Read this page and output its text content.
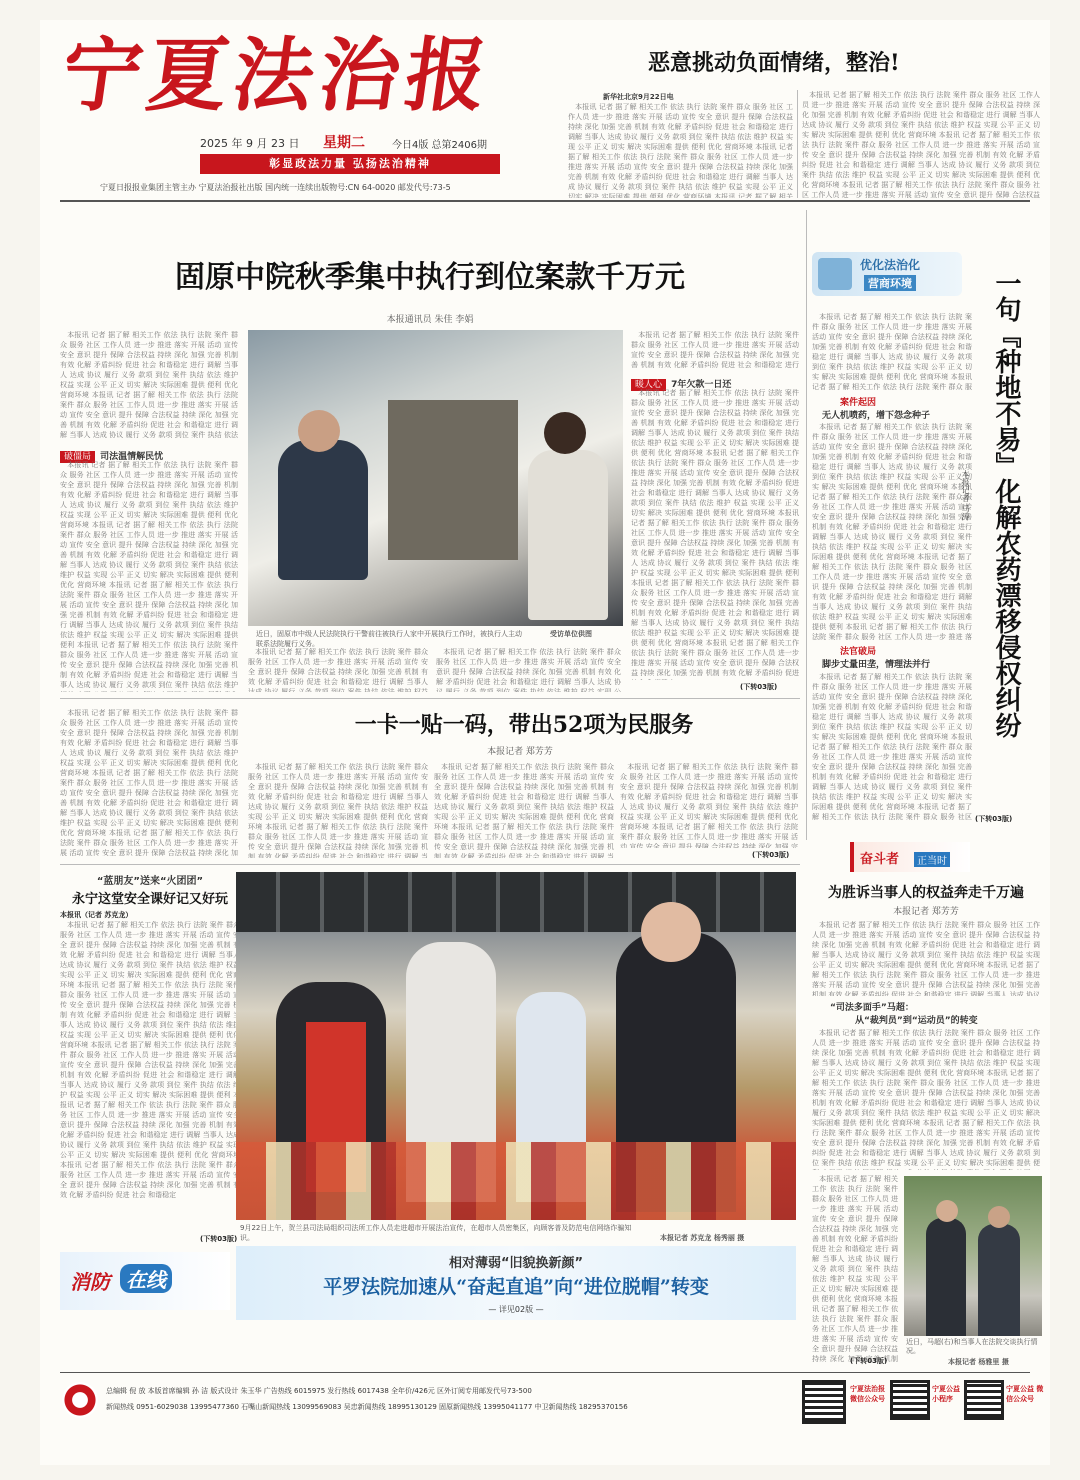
宁夏法治报
2025 年 9 月 23 日 星期二	今日4版 总第2406期
彰显政法力量 弘扬法治精神
宁夏日报报业集团主管主办 宁夏法治报社出版 国内统一连续出版物号:CN 64-0020 邮发代号:73-5
恶意挑动负面情绪，整治!
新华社北京9月22日电
　本报讯 记者 据了解 相关工作 依法 执行 法院 案件 群众 服务 社区 工作人员 进一步 推进 落实 开展 活动 宣传 安全 意识 提升 保障 合法权益 持续 深化 加强 完善 机制 有效 化解 矛盾纠纷 促进 社会 和谐稳定 进行 调解 当事人 达成 协议 履行 义务 款项 到位 案件 执结 依法 维护 权益 实现 公平 正义 切实 解决 实际困难 提供 便利 优化 营商环境 本报讯 记者 据了解 相关工作 依法 执行 法院 案件 群众 服务 社区 工作人员 进一步 推进 落实 开展 活动 宣传 安全 意识 提升 保障 合法权益 持续 深化 加强 完善 机制 有效 化解 矛盾纠纷 促进 社会 和谐稳定 进行 调解 当事人 达成 协议 履行 义务 款项 到位 案件 执结 依法 维护 权益 实现 公平 正义 切实 解决 实际困难 提供 便利 优化 营商环境 本报讯 记者 据了解 相关工作 依法 执行 法院 案件 群众 服务 社区 工作人员 进一步 推进 落实 开展 活动 宣传 安全 意识 提升 保障 合法权益 持续 深化 加强 完善 机制 有效 化解 矛盾纠纷 促进 社会 和谐稳定 进行 调解 当事人 达成 协议 履行 义务 款项 到位 案件 执结 依法 维护 权益 实现 公平 正义 切实 解决 实际困难 提供 便利 本报讯 记者 据了解 相关工作 依法 执行 法院 案件 群众 服务 社区 工作人员 进一步 推进 落实 开展 活动 宣传 安全 意识 提升 保障 合法权益 持续 深化 加强 完善 机制 有效 化解 矛盾纠纷 促进 社会 和谐稳定 进行 调解 当事人 达成 协议 履行 义务 款项 到位 案件 执结 依法 维护 权益 实现 公平 正义 切实 解决 实际困难 提供 便利 优化 营商环境 本报讯 记者 据了解 相关工作 依法 执行 法院 案件 群众 服务 社区 工作人员 进一步 推进 落实 开展 活动 宣传 安全 意识 提升 保障 合法权益 持续 深化 加强 完善 机制 有效 化解 矛盾纠纷 促进 社会 和谐稳定
　本报讯 记者 据了解 相关工作 依法 执行 法院 案件 群众 服务 社区 工作人员 进一步 推进 落实 开展 活动 宣传 安全 意识 提升 保障 合法权益 持续 深化 加强 完善 机制 有效 化解 矛盾纠纷 促进 社会 和谐稳定 进行 调解 当事人 达成 协议 履行 义务 款项 到位 案件 执结 依法 维护 权益 实现 公平 正义 切实 解决 实际困难 提供 便利 优化 营商环境 本报讯 记者 据了解 相关工作 依法 执行 法院 案件 群众 服务 社区 工作人员 进一步 推进 落实 开展 活动 宣传 安全 意识 提升 保障 合法权益 持续 深化 加强 完善 机制 有效 化解 矛盾纠纷 促进 社会 和谐稳定 进行 调解 当事人 达成 协议 履行 义务 款项 到位 案件 执结 依法 维护 权益 实现 公平 正义 切实 解决 实际困难 提供 便利 优化 营商环境 本报讯 记者 据了解 相关工作 依法 执行 法院 案件 群众 服务 社区 工作人员 进一步 推进 落实 开展 活动 宣传 安全 意识 提升 保障 合法权益 持续 深化 加强 完善 机制 有效 化解 矛盾纠纷 促进 社会 和谐稳定 进行 调解 当事人 达成 协议 履行 义务 款项 到位 案件 执结 依法 维护 权益 实现 公平 正义 切实 解决 实际困难 提供 便利 本报讯 记者 据了解 相关工作 依法 执行 法院 案件 群众 服务 社区 工作人员 进一步 推进 落实 开展 活动 宣传 安全 意识 提升 保障 合法权益 持续 深化 加强 完善 机制 有效 化解 矛盾纠纷 促进 社会 和谐稳定 进行 调解 当事人 达成 协议 履行 义务 款项 到位 案件 执结 依法 维护 权益 实现 公平 正义 切实 解决 实际困难 提供 便利 优化 营商环境 本报讯 记者 据了解 相关工作 依法 执行 法院 案件 群众 服务 社区 工作人员 进一步 推进 落实 开展 活动 宣传 安全 意识 提升 保障 合法权益 持续 深化 加强 完善 机制 有效 化解 矛盾纠纷 促进 社会 和谐稳定
固原中院秋季集中执行到位案款千万元
本报通讯员 朱佳 李娟
　本报讯 记者 据了解 相关工作 依法 执行 法院 案件 群众 服务 社区 工作人员 进一步 推进 落实 开展 活动 宣传 安全 意识 提升 保障 合法权益 持续 深化 加强 完善 机制 有效 化解 矛盾纠纷 促进 社会 和谐稳定 进行 调解 当事人 达成 协议 履行 义务 款项 到位 案件 执结 依法 维护 权益 实现 公平 正义 切实 解决 实际困难 提供 便利 优化 营商环境 本报讯 记者 据了解 相关工作 依法 执行 法院 案件 群众 服务 社区 工作人员 进一步 推进 落实 开展 活动 宣传 安全 意识 提升 保障 合法权益 持续 深化 加强 完善 机制 有效 化解 矛盾纠纷 促进 社会 和谐稳定 进行 调解 当事人 达成 协议 履行 义务 款项 到位 案件 执结 依法 维护 权益 实现 公平 正义 切实 解决 实际困难 提供 便利 优化 营商环境 本报讯 记者 据了解 相关工作 依法 执行 法院 案件 群众 服务 社区 工作人员 进一步 推进 落实 开展 活动 宣传 安全 意识 提升 保障 合法权益 持续 深化 加强 完善 机制 有效 化解 矛盾纠纷 促进 社会 和谐稳定 进行 调解 当事人 达成 协议 履行 义务 款项 到位 案件 执结 依法 维护 权益 实现 公平 正义 切实 解决 实际困难 提供 便利 本报讯 记者 据了解 相关工作 依法 执行 法院 案件 群众 服务 社区 工作人员 进一步 推进 落实 开展 活动 宣传 安全 意识 提升 保障 合法权益 持续 深化 加强 完善 机制 有效 化解 矛盾纠纷 促进 社会 和谐稳定 进行 调解 当事人 达成 协议 履行 义务 款项 到位 案件 执结 依法 维护 权益 实现 公平 正义 切实 解决 实际困难 提供 便利 优化 营商环境 本报讯 记者 据了解 相关工作 依法 执行 法院 案件 群众 服务 社区 工作人员 进一步 推进 落实 开展 活动 宣传 安全 意识 提升 保障 合法权益 持续 深化 加强 完善 机制 有效 化解 矛盾纠纷 促进 社会 和谐稳定
破僵局 司法温情解民忧
　本报讯 记者 据了解 相关工作 依法 执行 法院 案件 群众 服务 社区 工作人员 进一步 推进 落实 开展 活动 宣传 安全 意识 提升 保障 合法权益 持续 深化 加强 完善 机制 有效 化解 矛盾纠纷 促进 社会 和谐稳定 进行 调解 当事人 达成 协议 履行 义务 款项 到位 案件 执结 依法 维护 权益 实现 公平 正义 切实 解决 实际困难 提供 便利 优化 营商环境 本报讯 记者 据了解 相关工作 依法 执行 法院 案件 群众 服务 社区 工作人员 进一步 推进 落实 开展 活动 宣传 安全 意识 提升 保障 合法权益 持续 深化 加强 完善 机制 有效 化解 矛盾纠纷 促进 社会 和谐稳定 进行 调解 当事人 达成 协议 履行 义务 款项 到位 案件 执结 依法 维护 权益 实现 公平 正义 切实 解决 实际困难 提供 便利 优化 营商环境 本报讯 记者 据了解 相关工作 依法 执行 法院 案件 群众 服务 社区 工作人员 进一步 推进 落实 开展 活动 宣传 安全 意识 提升 保障 合法权益 持续 深化 加强 完善 机制 有效 化解 矛盾纠纷 促进 社会 和谐稳定 进行 调解 当事人 达成 协议 履行 义务 款项 到位 案件 执结 依法 维护 权益 实现 公平 正义 切实 解决 实际困难 提供 便利 本报讯 记者 据了解 相关工作 依法 执行 法院 案件 群众 服务 社区 工作人员 进一步 推进 落实 开展 活动 宣传 安全 意识 提升 保障 合法权益 持续 深化 加强 完善 机制 有效 化解 矛盾纠纷 促进 社会 和谐稳定 进行 调解 当事人 达成 协议 履行 义务 款项 到位 案件 执结 依法 维护 权益 实现 公平 正义 切实 解决 实际困难 提供 便利 优化 营商环境 本报讯 记者 据了解 相关工作 依法 执行 法院 案件 群众 服务 社区 工作人员 进一步 推进 落实 开展 活动 宣传 安全 意识 提升 保障 合法权益 持续 深化 加强 完善 机制 有效 化解 矛盾纠纷 促进 社会 和谐稳定
近日，固原市中级人民法院执行干警前往被执行人家中开展执行工作时，被执行人主动联系法院履行义务。
受访单位供图
　本报讯 记者 据了解 相关工作 依法 执行 法院 案件 群众 服务 社区 工作人员 进一步 推进 落实 开展 活动 宣传 安全 意识 提升 保障 合法权益 持续 深化 加强 完善 机制 有效 化解 矛盾纠纷 促进 社会 和谐稳定 进行 调解 当事人 达成 协议 履行 义务 款项 到位 案件 执结 依法 维护 权益 实现 公平 正义 切实 解决 实际困难 提供 便利 优化 营商环境 本报讯 记者 据了解 相关工作 依法 执行 法院 案件 群众 服务 社区 工作人员 进一步 推进 落实 开展 活动 宣传 安全 意识 提升 保障 合法权益 持续 深化 加强 完善 机制 有效 化解 矛盾纠纷 促进 社会 和谐稳定 进行 调解 当事人 达成 协议 履行 义务 款项 到位 案件 执结 依法 维护 权益 实现 公平 正义 切实 解决 实际困难 提供 便利 优化 营商环境 本报讯 记者 据了解 相关工作 依法 执行 法院 案件 群众 服务 社区 工作人员 进一步 推进 落实 开展 活动 宣传 安全 意识 提升 保障 合法权益 持续 深化 加强 完善 机制 有效 化解 矛盾纠纷 促进 社会 和谐稳定 进行 调解 当事人 达成 协议 履行 义务 款项 到位 案件 执结 依法 维护 权益 实现 公平 正义 切实 解决 实际困难 提供 便利 本报讯 记者 据了解 相关工作 依法 执行 法院 案件 群众 服务 社区 工作人员 进一步 推进 落实 开展 活动 宣传 安全 意识 提升 保障 合法权益 持续 深化 加强 完善 机制 有效 化解 矛盾纠纷 促进 社会 和谐稳定 进行 调解 当事人 达成 协议 履行 义务 款项 到位 案件 执结 依法 维护 权益 实现 公平 正义 切实 解决 实际困难 提供 便利 优化 营商环境 本报讯 记者 据了解 相关工作 依法 执行 法院 案件 群众 服务 社区 工作人员 进一步 推进 落实 开展 活动 宣传 安全 意识 提升 保障 合法权益 持续 深化 加强 完善 机制 有效 化解 矛盾纠纷 促进 社会 和谐稳定
　本报讯 记者 据了解 相关工作 依法 执行 法院 案件 群众 服务 社区 工作人员 进一步 推进 落实 开展 活动 宣传 安全 意识 提升 保障 合法权益 持续 深化 加强 完善 机制 有效 化解 矛盾纠纷 促进 社会 和谐稳定 进行 调解 当事人 达成 协议 履行 义务 款项 到位 案件 执结 依法 维护 权益 实现 公平 正义 切实 解决 实际困难 提供 便利 优化 营商环境 本报讯 记者 据了解 相关工作 依法 执行 法院 案件 群众 服务 社区 工作人员 进一步 推进 落实 开展 活动 宣传 安全 意识 提升 保障 合法权益 持续 深化 加强 完善 机制 有效 化解 矛盾纠纷 促进 社会 和谐稳定 进行 调解 当事人 达成 协议 履行 义务 款项 到位 案件 执结 依法 维护 权益 实现 公平 正义 切实 解决 实际困难 提供 便利 优化 营商环境 本报讯 记者 据了解 相关工作 依法 执行 法院 案件 群众 服务 社区 工作人员 进一步 推进 落实 开展 活动 宣传 安全 意识 提升 保障 合法权益 持续 深化 加强 完善 机制 有效 化解 矛盾纠纷 促进 社会 和谐稳定 进行 调解 当事人 达成 协议 履行 义务 款项 到位 案件 执结 依法 维护 权益 实现 公平 正义 切实 解决 实际困难 提供 便利 本报讯 记者 据了解 相关工作 依法 执行 法院 案件 群众 服务 社区 工作人员 进一步 推进 落实 开展 活动 宣传 安全 意识 提升 保障 合法权益 持续 深化 加强 完善 机制 有效 化解 矛盾纠纷 促进 社会 和谐稳定 进行 调解 当事人 达成 协议 履行 义务 款项 到位 案件 执结 依法 维护 权益 实现 公平 正义 切实 解决 实际困难 提供 便利 优化 营商环境 本报讯 记者 据了解 相关工作 依法 执行 法院 案件 群众 服务 社区 工作人员 进一步 推进 落实 开展 活动 宣传 安全 意识 提升 保障 合法权益 持续 深化 加强 完善 机制 有效 化解 矛盾纠纷 促进 社会 和谐稳定
　本报讯 记者 据了解 相关工作 依法 执行 法院 案件 群众 服务 社区 工作人员 进一步 推进 落实 开展 活动 宣传 安全 意识 提升 保障 合法权益 持续 深化 加强 完善 机制 有效 化解 矛盾纠纷 促进 社会 和谐稳定 进行 调解 当事人 达成 协议 履行 义务 款项 到位 案件 执结 依法 维护 权益 实现 公平 正义 切实 解决 实际困难 提供 便利 优化 营商环境 本报讯 记者 据了解 相关工作 依法 执行 法院 案件 群众 服务 社区 工作人员 进一步 推进 落实 开展 活动 宣传 安全 意识 提升 保障 合法权益 持续 深化 加强 完善 机制 有效 化解 矛盾纠纷 促进 社会 和谐稳定 进行 调解 当事人 达成 协议 履行 义务 款项 到位 案件 执结 依法 维护 权益 实现 公平 正义 切实 解决 实际困难 提供 便利 优化 营商环境 本报讯 记者 据了解 相关工作 依法 执行 法院 案件 群众 服务 社区 工作人员 进一步 推进 落实 开展 活动 宣传 安全 意识 提升 保障 合法权益 持续 深化 加强 完善 机制 有效 化解 矛盾纠纷 促进 社会 和谐稳定 进行 调解 当事人 达成 协议 履行 义务 款项 到位 案件 执结 依法 维护 权益 实现 公平 正义 切实 解决 实际困难 提供 便利 本报讯 记者 据了解 相关工作 依法 执行 法院 案件 群众 服务 社区 工作人员 进一步 推进 落实 开展 活动 宣传 安全 意识 提升 保障 合法权益 持续 深化 加强 完善 机制 有效 化解 矛盾纠纷 促进 社会 和谐稳定 进行 调解 当事人 达成 协议 履行 义务 款项 到位 案件 执结 依法 维护 权益 实现 公平 正义 切实 解决 实际困难 提供 便利 优化 营商环境 本报讯 记者 据了解 相关工作 依法 执行 法院 案件 群众 服务 社区 工作人员 进一步 推进 落实 开展 活动 宣传 安全 意识 提升 保障 合法权益 持续 深化 加强 完善 机制 有效 化解 矛盾纠纷 促进 社会 和谐稳定
暖人心 7年欠款一日还
　本报讯 记者 据了解 相关工作 依法 执行 法院 案件 群众 服务 社区 工作人员 进一步 推进 落实 开展 活动 宣传 安全 意识 提升 保障 合法权益 持续 深化 加强 完善 机制 有效 化解 矛盾纠纷 促进 社会 和谐稳定 进行 调解 当事人 达成 协议 履行 义务 款项 到位 案件 执结 依法 维护 权益 实现 公平 正义 切实 解决 实际困难 提供 便利 优化 营商环境 本报讯 记者 据了解 相关工作 依法 执行 法院 案件 群众 服务 社区 工作人员 进一步 推进 落实 开展 活动 宣传 安全 意识 提升 保障 合法权益 持续 深化 加强 完善 机制 有效 化解 矛盾纠纷 促进 社会 和谐稳定 进行 调解 当事人 达成 协议 履行 义务 款项 到位 案件 执结 依法 维护 权益 实现 公平 正义 切实 解决 实际困难 提供 便利 优化 营商环境 本报讯 记者 据了解 相关工作 依法 执行 法院 案件 群众 服务 社区 工作人员 进一步 推进 落实 开展 活动 宣传 安全 意识 提升 保障 合法权益 持续 深化 加强 完善 机制 有效 化解 矛盾纠纷 促进 社会 和谐稳定 进行 调解 当事人 达成 协议 履行 义务 款项 到位 案件 执结 依法 维护 权益 实现 公平 正义 切实 解决 实际困难 提供 便利 本报讯 记者 据了解 相关工作 依法 执行 法院 案件 群众 服务 社区 工作人员 进一步 推进 落实 开展 活动 宣传 安全 意识 提升 保障 合法权益 持续 深化 加强 完善 机制 有效 化解 矛盾纠纷 促进 社会 和谐稳定 进行 调解 当事人 达成 协议 履行 义务 款项 到位 案件 执结 依法 维护 权益 实现 公平 正义 切实 解决 实际困难 提供 便利 优化 营商环境 本报讯 记者 据了解 相关工作 依法 执行 法院 案件 群众 服务 社区 工作人员 进一步 推进 落实 开展 活动 宣传 安全 意识 提升 保障 合法权益 持续 深化 加强 完善 机制 有效 化解 矛盾纠纷 促进 社会 和谐稳定
(下转03版)
优化法治化
营商环境
　本报讯 记者 据了解 相关工作 依法 执行 法院 案件 群众 服务 社区 工作人员 进一步 推进 落实 开展 活动 宣传 安全 意识 提升 保障 合法权益 持续 深化 加强 完善 机制 有效 化解 矛盾纠纷 促进 社会 和谐稳定 进行 调解 当事人 达成 协议 履行 义务 款项 到位 案件 执结 依法 维护 权益 实现 公平 正义 切实 解决 实际困难 提供 便利 优化 营商环境 本报讯 记者 据了解 相关工作 依法 执行 法院 案件 群众 服务 社区 工作人员 进一步 推进 落实 开展 活动 宣传 安全 意识 提升 保障 合法权益 持续 深化 加强 完善 机制 有效 化解 矛盾纠纷 促进 社会 和谐稳定 进行 调解 当事人 达成 协议 履行 义务 款项 到位 案件 执结 依法 维护 权益 实现 公平 正义 切实 解决 实际困难 提供 便利 优化 营商环境 本报讯 记者 据了解 相关工作 依法 执行 法院 案件 群众 服务 社区 工作人员 进一步 推进 落实 开展 活动 宣传 安全 意识 提升 保障 合法权益 持续 深化 加强 完善 机制 有效 化解 矛盾纠纷 促进 社会 和谐稳定 进行 调解 当事人 达成 协议 履行 义务 款项 到位 案件 执结 依法 维护 权益 实现 公平 正义 切实 解决 实际困难 提供 便利 本报讯 记者 据了解 相关工作 依法 执行 法院 案件 群众 服务 社区 工作人员 进一步 推进 落实 开展 活动 宣传 安全 意识 提升 保障 合法权益 持续 深化 加强 完善 机制 有效 化解 矛盾纠纷 促进 社会 和谐稳定 进行 调解 当事人 达成 协议 履行 义务 款项 到位 案件 执结 依法 维护 权益 实现 公平 正义 切实 解决 实际困难 提供 便利 优化 营商环境 本报讯 记者 据了解 相关工作 依法 执行 法院 案件 群众 服务 社区 工作人员 进一步 推进 落实 开展 活动 宣传 安全 意识 提升 保障 合法权益 持续 深化 加强 完善 机制 有效 化解 矛盾纠纷 促进 社会 和谐稳定
案件起因
无人机喷药，增下怨念种子
　本报讯 记者 据了解 相关工作 依法 执行 法院 案件 群众 服务 社区 工作人员 进一步 推进 落实 开展 活动 宣传 安全 意识 提升 保障 合法权益 持续 深化 加强 完善 机制 有效 化解 矛盾纠纷 促进 社会 和谐稳定 进行 调解 当事人 达成 协议 履行 义务 款项 到位 案件 执结 依法 维护 权益 实现 公平 正义 切实 解决 实际困难 提供 便利 优化 营商环境 本报讯 记者 据了解 相关工作 依法 执行 法院 案件 群众 服务 社区 工作人员 进一步 推进 落实 开展 活动 宣传 安全 意识 提升 保障 合法权益 持续 深化 加强 完善 机制 有效 化解 矛盾纠纷 促进 社会 和谐稳定 进行 调解 当事人 达成 协议 履行 义务 款项 到位 案件 执结 依法 维护 权益 实现 公平 正义 切实 解决 实际困难 提供 便利 优化 营商环境 本报讯 记者 据了解 相关工作 依法 执行 法院 案件 群众 服务 社区 工作人员 进一步 推进 落实 开展 活动 宣传 安全 意识 提升 保障 合法权益 持续 深化 加强 完善 机制 有效 化解 矛盾纠纷 促进 社会 和谐稳定 进行 调解 当事人 达成 协议 履行 义务 款项 到位 案件 执结 依法 维护 权益 实现 公平 正义 切实 解决 实际困难 提供 便利 本报讯 记者 据了解 相关工作 依法 执行 法院 案件 群众 服务 社区 工作人员 进一步 推进 落实 开展 活动 宣传 安全 意识 提升 保障 合法权益 持续 深化 加强 完善 机制 有效 化解 矛盾纠纷 促进 社会 和谐稳定 进行 调解 当事人 达成 协议 履行 义务 款项 到位 案件 执结 依法 维护 权益 实现 公平 正义 切实 解决 实际困难 提供 便利 优化 营商环境 本报讯 记者 据了解 相关工作 依法 执行 法院 案件 群众 服务 社区 工作人员 进一步 推进 落实 开展 活动 宣传 安全 意识 提升 保障 合法权益 持续 深化 加强 完善 机制 有效 化解 矛盾纠纷 促进 社会 和谐稳定
法官破局
脚步丈量田垄，情理法并行
　本报讯 记者 据了解 相关工作 依法 执行 法院 案件 群众 服务 社区 工作人员 进一步 推进 落实 开展 活动 宣传 安全 意识 提升 保障 合法权益 持续 深化 加强 完善 机制 有效 化解 矛盾纠纷 促进 社会 和谐稳定 进行 调解 当事人 达成 协议 履行 义务 款项 到位 案件 执结 依法 维护 权益 实现 公平 正义 切实 解决 实际困难 提供 便利 优化 营商环境 本报讯 记者 据了解 相关工作 依法 执行 法院 案件 群众 服务 社区 工作人员 进一步 推进 落实 开展 活动 宣传 安全 意识 提升 保障 合法权益 持续 深化 加强 完善 机制 有效 化解 矛盾纠纷 促进 社会 和谐稳定 进行 调解 当事人 达成 协议 履行 义务 款项 到位 案件 执结 依法 维护 权益 实现 公平 正义 切实 解决 实际困难 提供 便利 优化 营商环境 本报讯 记者 据了解 相关工作 依法 执行 法院 案件 群众 服务 社区 工作人员 进一步 推进 落实 开展 活动 宣传 安全 意识 提升 保障 合法权益 持续 深化 加强 完善 机制 有效 化解 矛盾纠纷 促进 社会 和谐稳定 进行 调解 当事人 达成 协议 履行 义务 款项 到位 案件 执结 依法 维护 权益 实现 公平 正义 切实 解决 实际困难 提供 便利 本报讯 记者 据了解 相关工作 依法 执行 法院 案件 群众 服务 社区 工作人员 进一步 推进 落实 开展 活动 宣传 安全 意识 提升 保障 合法权益 持续 深化 加强 完善 机制 有效 化解 矛盾纠纷 促进 社会 和谐稳定 进行 调解 当事人 达成 协议 履行 义务 款项 到位 案件 执结 依法 维护 权益 实现 公平 正义 切实 解决 实际困难 提供 便利 优化 营商环境 本报讯 记者 据了解 相关工作 依法 执行 法院 案件 群众 服务 社区 工作人员 进一步 推进 落实 开展 活动 宣传 安全 意识 提升 保障 合法权益 持续 深化 加强 完善 机制 有效 化解 矛盾纠纷 促进 社会 和谐稳定
(下转03版)
一句『种地不易』化解农药漂移侵权纠纷
本报记者 马涛
　本报讯 记者 据了解 相关工作 依法 执行 法院 案件 群众 服务 社区 工作人员 进一步 推进 落实 开展 活动 宣传 安全 意识 提升 保障 合法权益 持续 深化 加强 完善 机制 有效 化解 矛盾纠纷 促进 社会 和谐稳定 进行 调解 当事人 达成 协议 履行 义务 款项 到位 案件 执结 依法 维护 权益 实现 公平 正义 切实 解决 实际困难 提供 便利 优化 营商环境 本报讯 记者 据了解 相关工作 依法 执行 法院 案件 群众 服务 社区 工作人员 进一步 推进 落实 开展 活动 宣传 安全 意识 提升 保障 合法权益 持续 深化 加强 完善 机制 有效 化解 矛盾纠纷 促进 社会 和谐稳定 进行 调解 当事人 达成 协议 履行 义务 款项 到位 案件 执结 依法 维护 权益 实现 公平 正义 切实 解决 实际困难 提供 便利 优化 营商环境 本报讯 记者 据了解 相关工作 依法 执行 法院 案件 群众 服务 社区 工作人员 进一步 推进 落实 开展 活动 宣传 安全 意识 提升 保障 合法权益 持续 深化 加强 完善 机制 有效 化解 矛盾纠纷 促进 社会 和谐稳定 进行 调解 当事人 达成 协议 履行 义务 款项 到位 案件 执结 依法 维护 权益 实现 公平 正义 切实 解决 实际困难 提供 便利 本报讯 记者 据了解 相关工作 依法 执行 法院 案件 群众 服务 社区 工作人员 进一步 推进 落实 开展 活动 宣传 安全 意识 提升 保障 合法权益 持续 深化 加强 完善 机制 有效 化解 矛盾纠纷 促进 社会 和谐稳定 进行 调解 当事人 达成 协议 履行 义务 款项 到位 案件 执结 依法 维护 权益 实现 公平 正义 切实 解决 实际困难 提供 便利 优化 营商环境 本报讯 记者 据了解 相关工作 依法 执行 法院 案件 群众 服务 社区 工作人员 进一步 推进 落实 开展 活动 宣传 安全 意识 提升 保障 合法权益 持续 深化 加强 完善 机制 有效 化解 矛盾纠纷 促进 社会 和谐稳定
一卡一贴一码，带出52项为民服务
本报记者 郑芳芳
　本报讯 记者 据了解 相关工作 依法 执行 法院 案件 群众 服务 社区 工作人员 进一步 推进 落实 开展 活动 宣传 安全 意识 提升 保障 合法权益 持续 深化 加强 完善 机制 有效 化解 矛盾纠纷 促进 社会 和谐稳定 进行 调解 当事人 达成 协议 履行 义务 款项 到位 案件 执结 依法 维护 权益 实现 公平 正义 切实 解决 实际困难 提供 便利 优化 营商环境 本报讯 记者 据了解 相关工作 依法 执行 法院 案件 群众 服务 社区 工作人员 进一步 推进 落实 开展 活动 宣传 安全 意识 提升 保障 合法权益 持续 深化 加强 完善 机制 有效 化解 矛盾纠纷 促进 社会 和谐稳定 进行 调解 当事人 达成 协议 履行 义务 款项 到位 案件 执结 依法 维护 权益 实现 公平 正义 切实 解决 实际困难 提供 便利 优化 营商环境 本报讯 记者 据了解 相关工作 依法 执行 法院 案件 群众 服务 社区 工作人员 进一步 推进 落实 开展 活动 宣传 安全 意识 提升 保障 合法权益 持续 深化 加强 完善 机制 有效 化解 矛盾纠纷 促进 社会 和谐稳定 进行 调解 当事人 达成 协议 履行 义务 款项 到位 案件 执结 依法 维护 权益 实现 公平 正义 切实 解决 实际困难 提供 便利 本报讯 记者 据了解 相关工作 依法 执行 法院 案件 群众 服务 社区 工作人员 进一步 推进 落实 开展 活动 宣传 安全 意识 提升 保障 合法权益 持续 深化 加强 完善 机制 有效 化解 矛盾纠纷 促进 社会 和谐稳定 进行 调解 当事人 达成 协议 履行 义务 款项 到位 案件 执结 依法 维护 权益 实现 公平 正义 切实 解决 实际困难 提供 便利 优化 营商环境 本报讯 记者 据了解 相关工作 依法 执行 法院 案件 群众 服务 社区 工作人员 进一步 推进 落实 开展 活动 宣传 安全 意识 提升 保障 合法权益 持续 深化 加强 完善 机制 有效 化解 矛盾纠纷 促进 社会 和谐稳定
　本报讯 记者 据了解 相关工作 依法 执行 法院 案件 群众 服务 社区 工作人员 进一步 推进 落实 开展 活动 宣传 安全 意识 提升 保障 合法权益 持续 深化 加强 完善 机制 有效 化解 矛盾纠纷 促进 社会 和谐稳定 进行 调解 当事人 达成 协议 履行 义务 款项 到位 案件 执结 依法 维护 权益 实现 公平 正义 切实 解决 实际困难 提供 便利 优化 营商环境 本报讯 记者 据了解 相关工作 依法 执行 法院 案件 群众 服务 社区 工作人员 进一步 推进 落实 开展 活动 宣传 安全 意识 提升 保障 合法权益 持续 深化 加强 完善 机制 有效 化解 矛盾纠纷 促进 社会 和谐稳定 进行 调解 当事人 达成 协议 履行 义务 款项 到位 案件 执结 依法 维护 权益 实现 公平 正义 切实 解决 实际困难 提供 便利 优化 营商环境 本报讯 记者 据了解 相关工作 依法 执行 法院 案件 群众 服务 社区 工作人员 进一步 推进 落实 开展 活动 宣传 安全 意识 提升 保障 合法权益 持续 深化 加强 完善 机制 有效 化解 矛盾纠纷 促进 社会 和谐稳定 进行 调解 当事人 达成 协议 履行 义务 款项 到位 案件 执结 依法 维护 权益 实现 公平 正义 切实 解决 实际困难 提供 便利 本报讯 记者 据了解 相关工作 依法 执行 法院 案件 群众 服务 社区 工作人员 进一步 推进 落实 开展 活动 宣传 安全 意识 提升 保障 合法权益 持续 深化 加强 完善 机制 有效 化解 矛盾纠纷 促进 社会 和谐稳定 进行 调解 当事人 达成 协议 履行 义务 款项 到位 案件 执结 依法 维护 权益 实现 公平 正义 切实 解决 实际困难 提供 便利 优化 营商环境 本报讯 记者 据了解 相关工作 依法 执行 法院 案件 群众 服务 社区 工作人员 进一步 推进 落实 开展 活动 宣传 安全 意识 提升 保障 合法权益 持续 深化 加强 完善 机制 有效 化解 矛盾纠纷 促进 社会 和谐稳定
　本报讯 记者 据了解 相关工作 依法 执行 法院 案件 群众 服务 社区 工作人员 进一步 推进 落实 开展 活动 宣传 安全 意识 提升 保障 合法权益 持续 深化 加强 完善 机制 有效 化解 矛盾纠纷 促进 社会 和谐稳定 进行 调解 当事人 达成 协议 履行 义务 款项 到位 案件 执结 依法 维护 权益 实现 公平 正义 切实 解决 实际困难 提供 便利 优化 营商环境 本报讯 记者 据了解 相关工作 依法 执行 法院 案件 群众 服务 社区 工作人员 进一步 推进 落实 开展 活动 宣传 安全 意识 提升 保障 合法权益 持续 深化 加强 完善 机制 有效 化解 矛盾纠纷 促进 社会 和谐稳定 进行 调解 当事人 达成 协议 履行 义务 款项 到位 案件 执结 依法 维护 权益 实现 公平 正义 切实 解决 实际困难 提供 便利 优化 营商环境 本报讯 记者 据了解 相关工作 依法 执行 法院 案件 群众 服务 社区 工作人员 进一步 推进 落实 开展 活动 宣传 安全 意识 提升 保障 合法权益 持续 深化 加强 完善 机制 有效 化解 矛盾纠纷 促进 社会 和谐稳定 进行 调解 当事人 达成 协议 履行 义务 款项 到位 案件 执结 依法 维护 权益 实现 公平 正义 切实 解决 实际困难 提供 便利 本报讯 记者 据了解 相关工作 依法 执行 法院 案件 群众 服务 社区 工作人员 进一步 推进 落实 开展 活动 宣传 安全 意识 提升 保障 合法权益 持续 深化 加强 完善 机制 有效 化解 矛盾纠纷 促进 社会 和谐稳定 进行 调解 当事人 达成 协议 履行 义务 款项 到位 案件 执结 依法 维护 权益 实现 公平 正义 切实 解决 实际困难 提供 便利 优化 营商环境 本报讯 记者 据了解 相关工作 依法 执行 法院 案件 群众 服务 社区 工作人员 进一步 推进 落实 开展 活动 宣传 安全 意识 提升 保障 合法权益 持续 深化 加强 完善 机制 有效 化解 矛盾纠纷 促进 社会 和谐稳定
(下转03版)
“蓝朋友”送来“火团团”
永宁这堂安全课好记又好玩
本报讯（记者 苏克龙）
　本报讯 记者 据了解 相关工作 依法 执行 法院 案件 群众 服务 社区 工作人员 进一步 推进 落实 开展 活动 宣传 安全 意识 提升 保障 合法权益 持续 深化 加强 完善 机制 有效 化解 矛盾纠纷 促进 社会 和谐稳定 进行 调解 当事人 达成 协议 履行 义务 款项 到位 案件 执结 依法 维护 权益 实现 公平 正义 切实 解决 实际困难 提供 便利 优化 营商环境 本报讯 记者 据了解 相关工作 依法 执行 法院 案件 群众 服务 社区 工作人员 进一步 推进 落实 开展 活动 宣传 安全 意识 提升 保障 合法权益 持续 深化 加强 完善 机制 有效 化解 矛盾纠纷 促进 社会 和谐稳定 进行 调解 当事人 达成 协议 履行 义务 款项 到位 案件 执结 依法 维护 权益 实现 公平 正义 切实 解决 实际困难 提供 便利 优化 营商环境 本报讯 记者 据了解 相关工作 依法 执行 法院 案件 群众 服务 社区 工作人员 进一步 推进 落实 开展 活动 宣传 安全 意识 提升 保障 合法权益 持续 深化 加强 完善 机制 有效 化解 矛盾纠纷 促进 社会 和谐稳定 进行 调解 当事人 达成 协议 履行 义务 款项 到位 案件 执结 依法 维护 权益 实现 公平 正义 切实 解决 实际困难 提供 便利 本报讯 记者 据了解 相关工作 依法 执行 法院 案件 群众 服务 社区 工作人员 进一步 推进 落实 开展 活动 宣传 安全 意识 提升 保障 合法权益 持续 深化 加强 完善 机制 有效 化解 矛盾纠纷 促进 社会 和谐稳定 进行 调解 当事人 达成 协议 履行 义务 款项 到位 案件 执结 依法 维护 权益 实现 公平 正义 切实 解决 实际困难 提供 便利 优化 营商环境 本报讯 记者 据了解 相关工作 依法 执行 法院 案件 群众 服务 社区 工作人员 进一步 推进 落实 开展 活动 宣传 安全 意识 提升 保障 合法权益 持续 深化 加强 完善 机制 有效 化解 矛盾纠纷 促进 社会 和谐稳定
(下转03版)
9月22日上午，贺兰县司法局组织司法所工作人员走进超市开展法治宣传，在超市人员密集区，向顾客普及防范电信网络诈骗知识。	本报记者 苏克龙 杨秀丽 摄
奋斗者	正当时
为胜诉当事人的权益奔走千万遍
本报记者 郑芳芳
　本报讯 记者 据了解 相关工作 依法 执行 法院 案件 群众 服务 社区 工作人员 进一步 推进 落实 开展 活动 宣传 安全 意识 提升 保障 合法权益 持续 深化 加强 完善 机制 有效 化解 矛盾纠纷 促进 社会 和谐稳定 进行 调解 当事人 达成 协议 履行 义务 款项 到位 案件 执结 依法 维护 权益 实现 公平 正义 切实 解决 实际困难 提供 便利 优化 营商环境 本报讯 记者 据了解 相关工作 依法 执行 法院 案件 群众 服务 社区 工作人员 进一步 推进 落实 开展 活动 宣传 安全 意识 提升 保障 合法权益 持续 深化 加强 完善 机制 有效 化解 矛盾纠纷 促进 社会 和谐稳定 进行 调解 当事人 达成 协议 履行 义务 款项 到位 案件 执结 依法 维护 权益 实现 公平 正义 切实 解决 实际困难 提供 便利 优化 营商环境 本报讯 记者 据了解 相关工作 依法 执行 法院 案件 群众 服务 社区 工作人员 进一步 推进 落实 开展 活动 宣传 安全 意识 提升 保障 合法权益 持续 深化 加强 完善 机制 有效 化解 矛盾纠纷 促进 社会 和谐稳定 进行 调解 当事人 达成 协议 履行 义务 款项 到位 案件 执结 依法 维护 权益 实现 公平 正义 切实 解决 实际困难 提供 便利 本报讯 记者 据了解 相关工作 依法 执行 法院 案件 群众 服务 社区 工作人员 进一步 推进 落实 开展 活动 宣传 安全 意识 提升 保障 合法权益 持续 深化 加强 完善 机制 有效 化解 矛盾纠纷 促进 社会 和谐稳定 进行 调解 当事人 达成 协议 履行 义务 款项 到位 案件 执结 依法 维护 权益 实现 公平 正义 切实 解决 实际困难 提供 便利 优化 营商环境 本报讯 记者 据了解 相关工作 依法 执行 法院 案件 群众 服务 社区 工作人员 进一步 推进 落实 开展 活动 宣传 安全 意识 提升 保障 合法权益 持续 深化 加强 完善 机制 有效 化解 矛盾纠纷 促进 社会 和谐稳定
“司法多面手”马超：
从“裁判员”到“运动员”的转变
　本报讯 记者 据了解 相关工作 依法 执行 法院 案件 群众 服务 社区 工作人员 进一步 推进 落实 开展 活动 宣传 安全 意识 提升 保障 合法权益 持续 深化 加强 完善 机制 有效 化解 矛盾纠纷 促进 社会 和谐稳定 进行 调解 当事人 达成 协议 履行 义务 款项 到位 案件 执结 依法 维护 权益 实现 公平 正义 切实 解决 实际困难 提供 便利 优化 营商环境 本报讯 记者 据了解 相关工作 依法 执行 法院 案件 群众 服务 社区 工作人员 进一步 推进 落实 开展 活动 宣传 安全 意识 提升 保障 合法权益 持续 深化 加强 完善 机制 有效 化解 矛盾纠纷 促进 社会 和谐稳定 进行 调解 当事人 达成 协议 履行 义务 款项 到位 案件 执结 依法 维护 权益 实现 公平 正义 切实 解决 实际困难 提供 便利 优化 营商环境 本报讯 记者 据了解 相关工作 依法 执行 法院 案件 群众 服务 社区 工作人员 进一步 推进 落实 开展 活动 宣传 安全 意识 提升 保障 合法权益 持续 深化 加强 完善 机制 有效 化解 矛盾纠纷 促进 社会 和谐稳定 进行 调解 当事人 达成 协议 履行 义务 款项 到位 案件 执结 依法 维护 权益 实现 公平 正义 切实 解决 实际困难 提供 便利 本报讯 记者 据了解 相关工作 依法 执行 法院 案件 群众 服务 社区 工作人员 进一步 推进 落实 开展 活动 宣传 安全 意识 提升 保障 合法权益 持续 深化 加强 完善 机制 有效 化解 矛盾纠纷 促进 社会 和谐稳定 进行 调解 当事人 达成 协议 履行 义务 款项 到位 案件 执结 依法 维护 权益 实现 公平 正义 切实 解决 实际困难 提供 便利 优化 营商环境 本报讯 记者 据了解 相关工作 依法 执行 法院 案件 群众 服务 社区 工作人员 进一步 推进 落实 开展 活动 宣传 安全 意识 提升 保障 合法权益 持续 深化 加强 完善 机制 有效 化解 矛盾纠纷 促进 社会 和谐稳定
　本报讯 记者 据了解 相关工作 依法 执行 法院 案件 群众 服务 社区 工作人员 进一步 推进 落实 开展 活动 宣传 安全 意识 提升 保障 合法权益 持续 深化 加强 完善 机制 有效 化解 矛盾纠纷 促进 社会 和谐稳定 进行 调解 当事人 达成 协议 履行 义务 款项 到位 案件 执结 依法 维护 权益 实现 公平 正义 切实 解决 实际困难 提供 便利 优化 营商环境 本报讯 记者 据了解 相关工作 依法 执行 法院 案件 群众 服务 社区 工作人员 进一步 推进 落实 开展 活动 宣传 安全 意识 提升 保障 合法权益 持续 深化 加强 完善 机制 有效 化解 矛盾纠纷 促进 社会 和谐稳定 进行 调解 当事人 达成 协议 履行 义务 款项 到位 案件 执结 依法 维护 权益 实现 公平 正义 切实 解决 实际困难 提供 便利 优化 营商环境 本报讯 记者 据了解 相关工作 依法 执行 法院 案件 群众 服务 社区 工作人员 进一步 推进 落实 开展 活动 宣传 安全 意识 提升 保障 合法权益 持续 深化 加强 完善 机制 有效 化解 矛盾纠纷 促进 社会 和谐稳定 进行 调解 当事人 达成 协议 履行 义务 款项 到位 案件 执结 依法 维护 权益 实现 公平 正义 切实 解决 实际困难 提供 便利 本报讯 记者 据了解 相关工作 依法 执行 法院 案件 群众 服务 社区 工作人员 进一步 推进 落实 开展 活动 宣传 安全 意识 提升 保障 合法权益 持续 深化 加强 完善 机制 有效 化解 矛盾纠纷 促进 社会 和谐稳定 进行 调解 当事人 达成 协议 履行 义务 款项 到位 案件 执结 依法 维护 权益 实现 公平 正义 切实 解决 实际困难 提供 便利 优化 营商环境 本报讯 记者 据了解 相关工作 依法 执行 法院 案件 群众 服务 社区 工作人员 进一步 推进 落实 开展 活动 宣传 安全 意识 提升 保障 合法权益 持续 深化 加强 完善 机制 有效 化解 矛盾纠纷 促进 社会 和谐稳定
(下转03版)
近日，马超(右)和当事人在法院交谈执行情况。
本报记者 杨雅里 摄
消防 在线
相对薄弱“旧貌换新颜”
平罗法院加速从“奋起直追”向“进位脱帽”转变
— 详见02版 —
总编辑 倪 放 本版首席编辑 孙 洁 版式设计 朱玉华 广告热线 6015975 发行热线 6017438 全年价/426元 区外订阅专用邮发代号73-500
新闻热线 0951-6029038 13995477360 石嘴山新闻热线 13099569083 吴忠新闻热线 18995130129 固原新闻热线 13995041177 中卫新闻热线 18295370156
宁夏法治报 微信公众号
宁夏公益 小程序
宁夏公益 微信公众号
